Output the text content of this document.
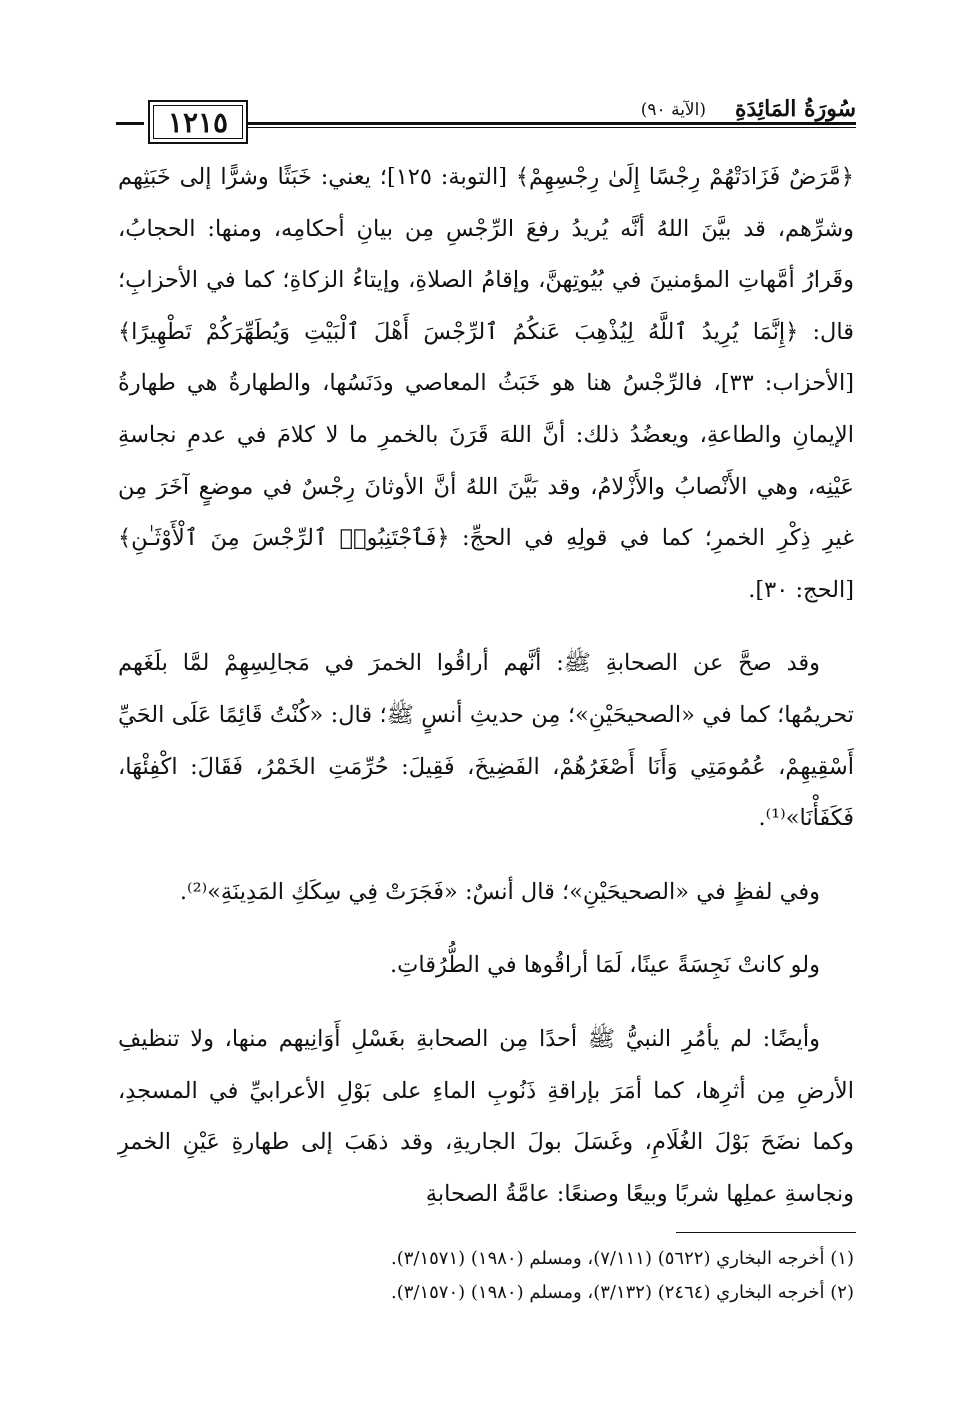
١٢١٥	(الآية ٩٠) سُورَةُ المَائِدَةِ

﴿مَّرَضٌ فَزَادَتْهُمْ رِجْسًا إِلَىٰ رِجْسِهِمْ﴾ [التوبة: ١٢٥]؛ يعني: خَبَثًا وشرًّا إلى خَبَثِهم وشرِّهم، قد بيَّنَ اللهُ أنَّه يُريدُ رفعَ الرِّجْسِ مِن بيانِ أحكامِه، ومنها: الحجابُ، وقَرارُ أمَّهاتِ المؤمنينَ في بُيُوتِهنَّ، وإقامُ الصلاةِ، وإيتاءُ الزكاةِ؛ كما في الأحزابِ؛ قال: ﴿إِنَّمَا يُرِيدُ ٱللَّهُ لِيُذْهِبَ عَنكُمُ ٱلرِّجْسَ أَهْلَ ٱلْبَيْتِ وَيُطَهِّرَكُمْ تَطْهِيرًا﴾ [الأحزاب: ٣٣]، فالرِّجْسُ هنا هو خَبَثُ المعاصي ودَنَسُها، والطهارةُ هي طهارةُ الإيمانِ والطاعةِ، ويعضُدُ ذلك: أنَّ اللهَ قَرَنَ بالخمرِ ما لا كلامَ في عدمِ نجاسةِ عَيْنِه، وهي الأَنْصابُ والأَزْلامُ، وقد بَيَّنَ اللهُ أنَّ الأوثانَ رِجْسٌ في موضعٍ آخَرَ مِن غيرِ ذِكْرِ الخمرِ؛ كما في قولِهِ في الحجِّ: ﴿فَٱجْتَنِبُوا۟ ٱلرِّجْسَ مِنَ ٱلْأَوْثَـٰنِ﴾ [الحج: ٣٠].

وقد صحَّ عن الصحابةِ ﷺ: أنَّهم أراقُوا الخمرَ في مَجالِسِهِمْ لمَّا بلَغَهم تحريمُها؛ كما في «الصحيحَيْنِ»؛ مِن حديثِ أنسٍ ﷺ؛ قال: «كُنْتُ قَائِمًا عَلَى الحَيِّ أَسْقِيهِمْ، عُمُومَتِي وَأَنَا أَصْغَرُهُمْ، الفَضِيخَ، فَقِيلَ: حُرِّمَتِ الخَمْرُ، فَقَالَ: اكْفِئْهَا، فَكَفَأْنَا»⁽¹⁾.

وفي لفظٍ في «الصحيحَيْنِ»؛ قال أنسٌ: «فَجَرَتْ فِي سِكَكِ المَدِينَةِ»⁽²⁾.

ولو كانتْ نَجِسَةً عينًا، لَمَا أراقُوها في الطُّرُقاتِ.

وأيضًا: لم يأمُرِ النبيُّ ﷺ أحدًا مِن الصحابةِ بغَسْلِ أَوَانِيهم منها، ولا تنظيفِ الأرضِ مِن أثرِها، كما أمَرَ بإراقةِ ذَنُوبِ الماءِ على بَوْلِ الأعرابيِّ في المسجدِ، وكما نضَحَ بَوْلَ الغُلَامِ، وغَسَلَ بولَ الجاريةِ، وقد ذهَبَ إلى طهارةِ عَيْنِ الخمرِ ونجاسةِ عملِها شربًا وبيعًا وصنعًا: عامَّةُ الصحابةِ

(١) أخرجه البخاري (٥٦٢٢) (٧/١١١)، ومسلم (١٩٨٠) (٣/١٥٧١).

(٢) أخرجه البخاري (٢٤٦٤) (٣/١٣٢)، ومسلم (١٩٨٠) (٣/١٥٧٠).
